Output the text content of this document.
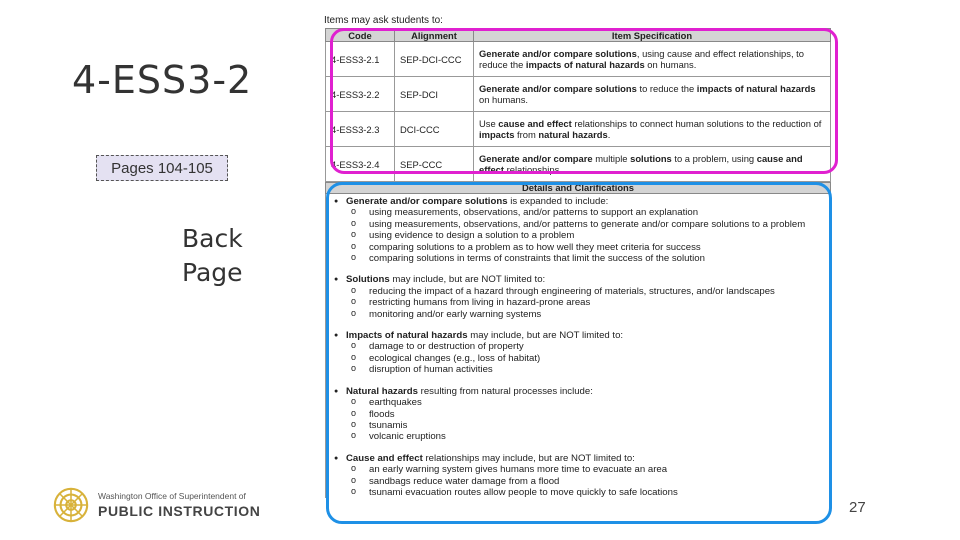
4-ESS3-2
Pages 104-105
Back
Page
Items may ask students to:
Code	Alignment	Item Specification
4-ESS3-2.1	SEP-DCI-CCC	Generate and/or compare solutions, using cause and effect relationships, to reduce the impacts of natural hazards on humans.
4-ESS3-2.2	SEP-DCI	Generate and/or compare solutions to reduce the impacts of natural hazards on humans.
4-ESS3-2.3	DCI-CCC	Use cause and effect relationships to connect human solutions to the reduction of impacts from natural hazards.
4-ESS3-2.4	SEP-CCC	Generate and/or compare multiple solutions to a problem, using cause and effect relationships.
Details and Clarifications
● Generate and/or compare solutions is expanded to include:
o using measurements, observations, and/or patterns to support an explanation
o using measurements, observations, and/or patterns to generate and/or compare solutions to a problem
o using evidence to design a solution to a problem
o comparing solutions to a problem as to how well they meet criteria for success
o comparing solutions in terms of constraints that limit the success of the solution
● Solutions may include, but are NOT limited to:
o reducing the impact of a hazard through engineering of materials, structures, and/or landscapes
o restricting humans from living in hazard-prone areas
o monitoring and/or early warning systems
● Impacts of natural hazards may include, but are NOT limited to:
o damage to or destruction of property
o ecological changes (e.g., loss of habitat)
o disruption of human activities
● Natural hazards resulting from natural processes include:
o earthquakes
o floods
o tsunamis
o volcanic eruptions
● Cause and effect relationships may include, but are NOT limited to:
o an early warning system gives humans more time to evacuate an area
o sandbags reduce water damage from a flood
o tsunami evacuation routes allow people to move quickly to safe locations
Washington Office of Superintendent of
PUBLIC INSTRUCTION	27
